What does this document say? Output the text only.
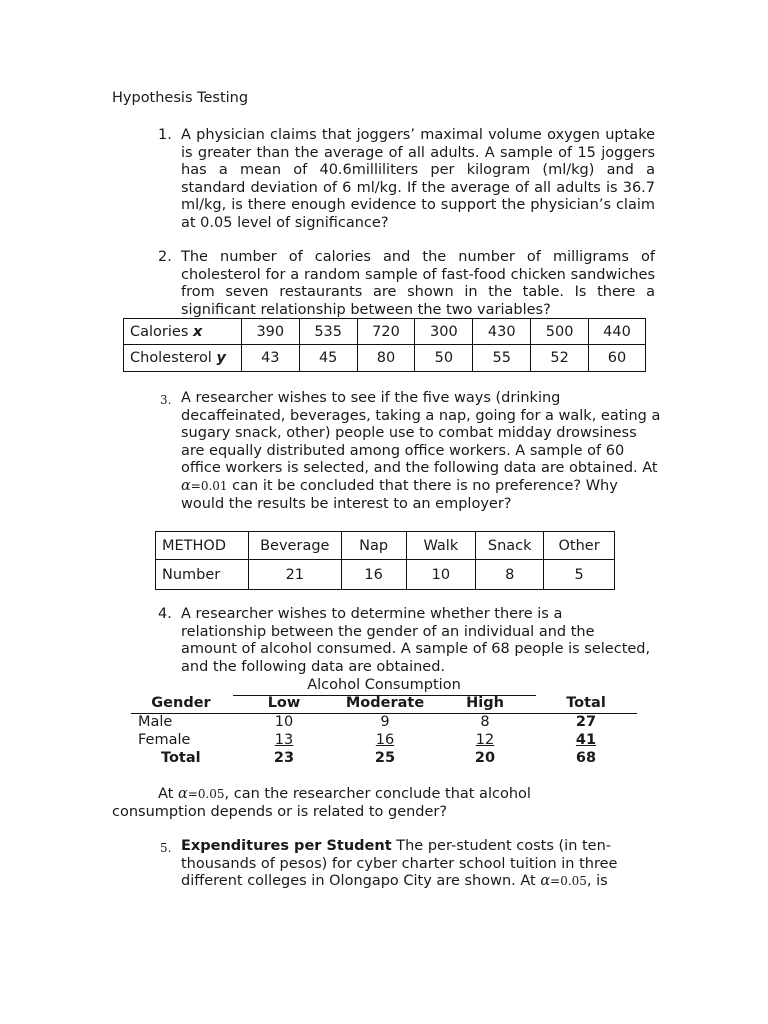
Hypothesis Testing
1. A physician claims that joggers’ maximal volume oxygen uptake is greater than the average of all adults. A sample of 15 joggers has a mean of 40.6milliliters per kilogram (ml/kg) and a standard deviation of 6 ml/kg. If the average of all adults is 36.7 ml/kg, is there enough evidence to support the physician’s claim at 0.05 level of significance?
2. The number of calories and the number of milligrams of cholesterol for a random sample of fast-food chicken sandwiches from seven restaurants are shown in the table. Is there a significant relationship between the two variables?
Calories x	390	535	720	300	430	500	440
Cholesterol y	43	45	80	50	55	52	60
3. A researcher wishes to see if the five ways (drinking decaffeinated, beverages, taking a nap, going for a walk, eating a sugary snack, other) people use to combat midday drowsiness are equally distributed among office workers. A sample of 60 office workers is selected, and the following data are obtained. At α=0.01 can it be concluded that there is no preference? Why would the results be interest to an employer?
METHOD	Beverage	Nap	Walk	Snack	Other
Number	21	16	10	8	5
4. A researcher wishes to determine whether there is a relationship between the gender of an individual and the amount of alcohol consumed. A sample of 68 people is selected, and the following data are obtained.
Alcohol Consumption
Gender	Low	Moderate	High	Total
Male	10	9	8	27
Female	13	16	12	41
Total	23	25	20	68
At α=0.05, can the researcher conclude that alcohol
consumption depends or is related to gender?
5. Expenditures per Student The per-student costs (in ten-thousands of pesos) for cyber charter school tuition in three different colleges in Olongapo City are shown. At α=0.05, is
